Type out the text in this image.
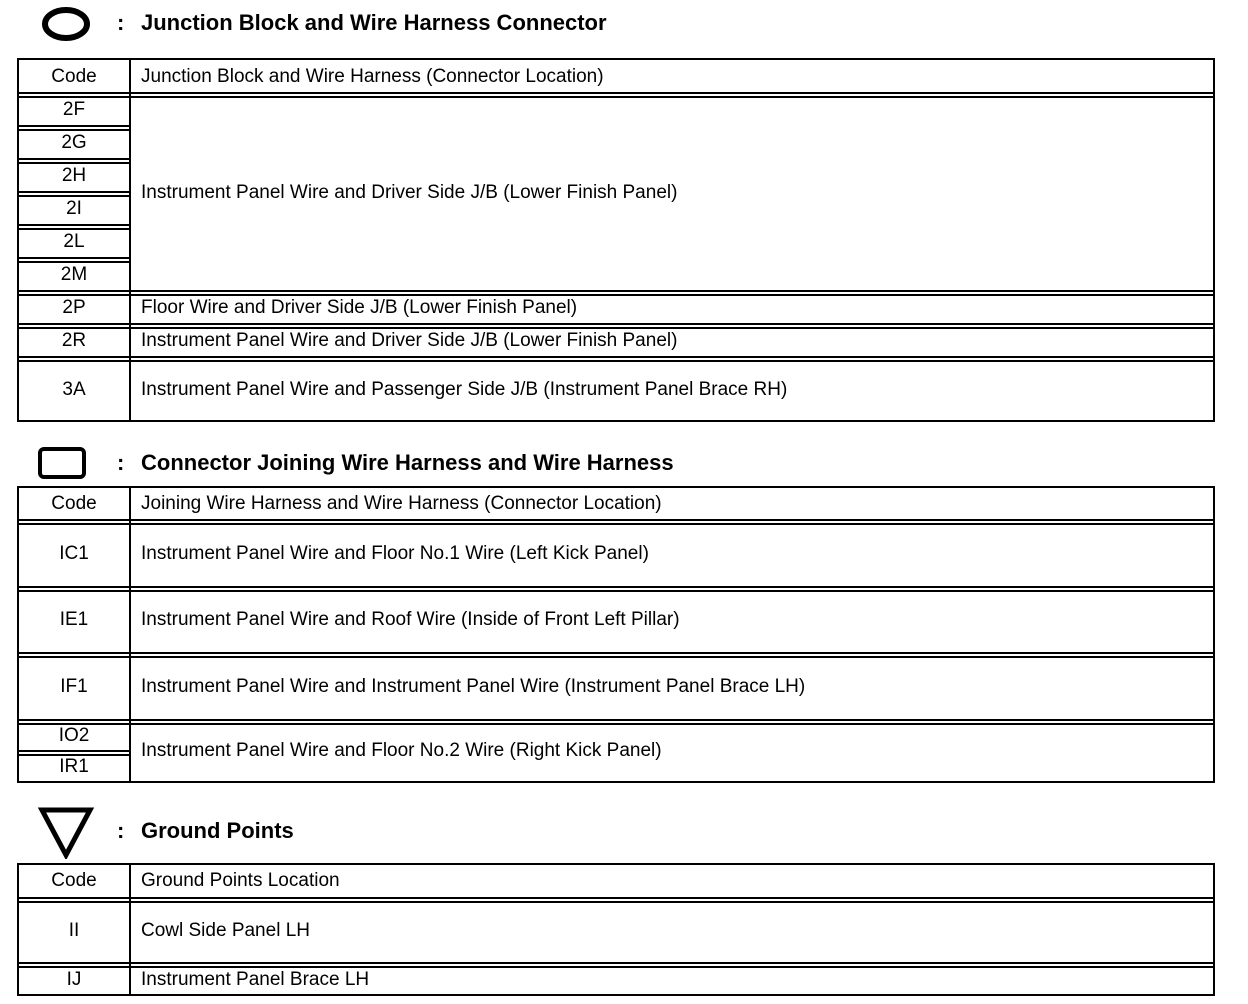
: Junction Block and Wire Harness Connector
Code	Junction Block and Wire Harness (Connector Location)
2F	Instrument Panel Wire and Driver Side J/B (Lower Finish Panel)
2G	
2H	
2I	
2L	
2M	
2P	Floor Wire and Driver Side J/B (Lower Finish Panel)
2R	Instrument Panel Wire and Driver Side J/B (Lower Finish Panel)
3A	Instrument Panel Wire and Passenger Side J/B (Instrument Panel Brace RH)
: Connector Joining Wire Harness and Wire Harness
Code	Joining Wire Harness and Wire Harness (Connector Location)
IC1	Instrument Panel Wire and Floor No.1 Wire (Left Kick Panel)
IE1	Instrument Panel Wire and Roof Wire (Inside of Front Left Pillar)
IF1	Instrument Panel Wire and Instrument Panel Wire (Instrument Panel Brace LH)
IO2	Instrument Panel Wire and Floor No.2 Wire (Right Kick Panel)
IR1	
: Ground Points
Code	Ground Points Location
II	Cowl Side Panel LH
IJ	Instrument Panel Brace LH
